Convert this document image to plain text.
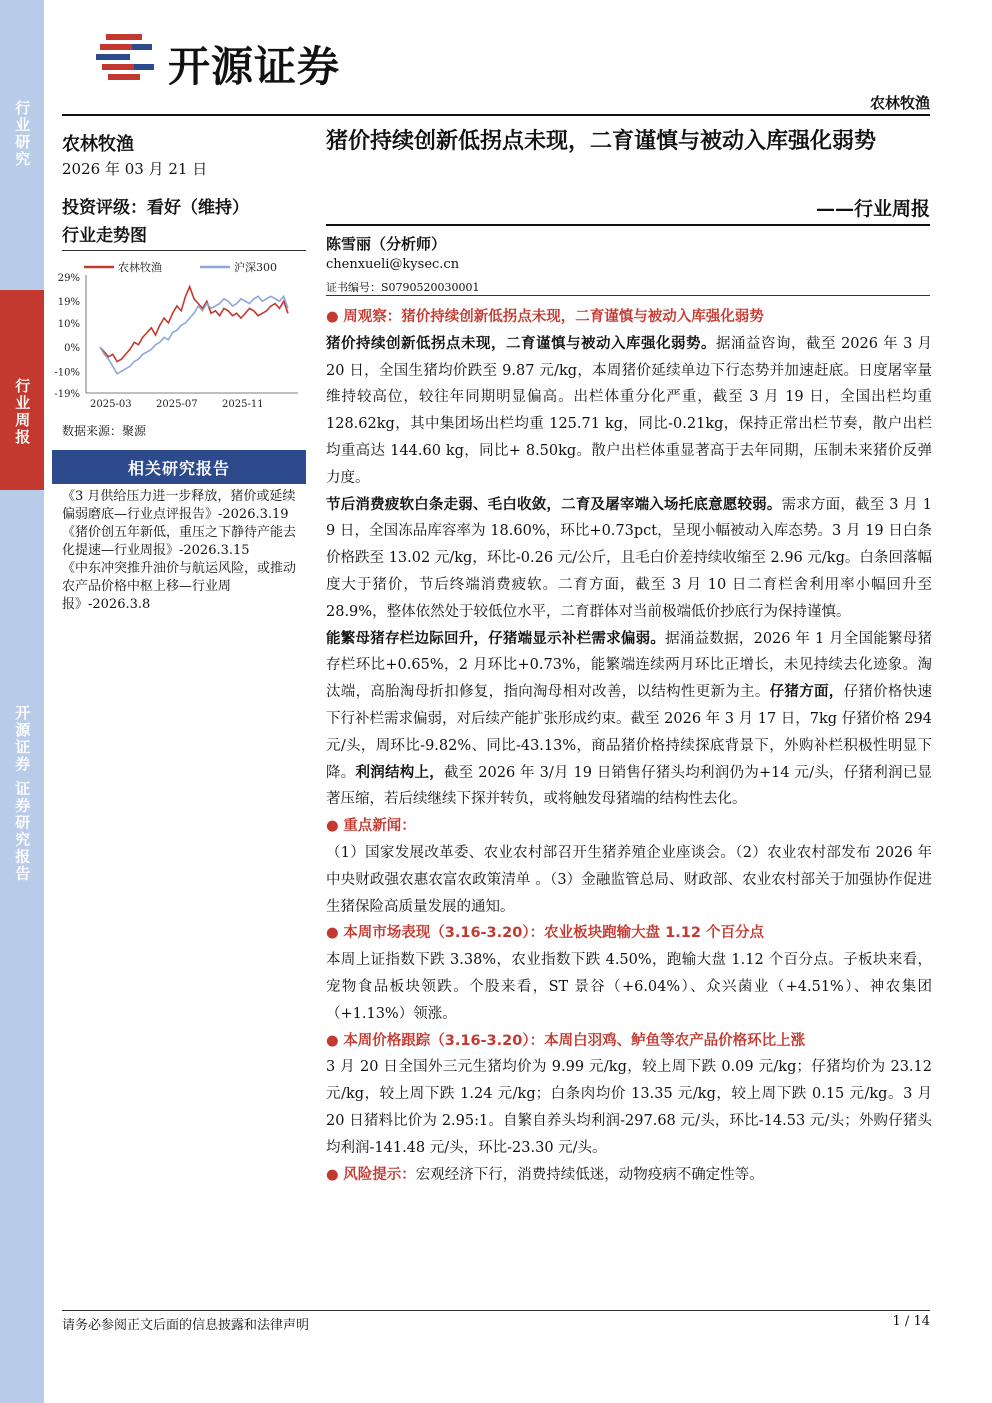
行业研究
行业周报
开源证券 证券研究报告
开源证券
农林牧渔
农林牧渔
2026 年 03 月 21 日
投资评级：看好（维持）
行业走势图
农林牧渔	沪深300
29%
19%
10%
0%
-10%
-19%
2025-03 2025-07 2025-11
数据来源：聚源
相关研究报告
《3 月供给压力进一步释放，猪价或延续偏弱磨底—行业点评报告》-2026.3.19
《猪价创五年新低，重压之下静待产能去化提速—行业周报》-2026.3.15
《中东冲突推升油价与航运风险，或推动农产品价格中枢上移—行业周报》-2026.3.8
猪价持续创新低拐点未现，二育谨慎与被动入库强化弱势
——行业周报
陈雪丽（分析师）
chenxueli@kysec.cn
证书编号：S0790520030001

● 周观察：猪价持续创新低拐点未现，二育谨慎与被动入库强化弱势

猪价持续创新低拐点未现，二育谨慎与被动入库强化弱势。据涌益咨询，截至 2026 年 3 月 20 日，全国生猪均价跌至 9.87 元/kg，本周猪价延续单边下行态势并加速赶底。日度屠宰量维持较高位，较往年同期明显偏高。出栏体重分化严重，截至 3 月 19 日，全国出栏均重 128.62kg，其中集团场出栏均重 125.71 kg，同比-0.21kg，保持正常出栏节奏，散户出栏均重高达 144.60 kg，同比+ 8.50kg。散户出栏体重显著高于去年同期，压制未来猪价反弹力度。

节后消费疲软白条走弱、毛白收敛，二育及屠宰端入场托底意愿较弱。需求方面，截至 3 月 1 9 日，全国冻品库容率为 18.60%，环比+0.73pct，呈现小幅被动入库态势。3 月 19 日白条价格跌至 13.02 元/kg，环比-0.26 元/公斤，且毛白价差持续收缩至 2.96 元/kg。白条回落幅度大于猪价，节后终端消费疲软。二育方面，截至 3 月 10 日二育栏舍利用率小幅回升至 28.9%，整体依然处于较低位水平，二育群体对当前极端低价抄底行为保持谨慎。

能繁母猪存栏边际回升，仔猪端显示补栏需求偏弱。据涌益数据，2026 年 1 月全国能繁母猪存栏环比+0.65%，2 月环比+0.73%，能繁端连续两月环比正增长，未见持续去化迹象。淘汰端，高胎淘母折扣修复，指向淘母相对改善，以结构性更新为主。仔猪方面，仔猪价格快速下行补栏需求偏弱，对后续产能扩张形成约束。截至 2026 年 3 月 17 日，7kg 仔猪价格 294 元/头，周环比-9.82%、同比-43.13%，商品猪价格持续探底背景下，外购补栏积极性明显下降。利润结构上，截至 2026 年 3/月 19 日销售仔猪头均利润仍为+14 元/头，仔猪利润已显著压缩，若后续继续下探并转负，或将触发母猪端的结构性去化。

● 重点新闻：

（1）国家发展改革委、农业农村部召开生猪养殖企业座谈会。（2）农业农村部发布 2026 年中央财政强农惠农富农政策清单 。（3）金融监管总局、财政部、农业农村部关于加强协作促进生猪保险高质量发展的通知。

● 本周市场表现（3.16-3.20）：农业板块跑输大盘 1.12 个百分点

本周上证指数下跌 3.38%，农业指数下跌 4.50%，跑输大盘 1.12 个百分点。子板块来看，宠物食品板块领跌。个股来看，ST 景谷（+6.04%）、众兴菌业（+4.51%）、神农集团（+1.13%）领涨。

● 本周价格跟踪（3.16-3.20）：本周白羽鸡、鲈鱼等农产品价格环比上涨

3 月 20 日全国外三元生猪均价为 9.99 元/kg，较上周下跌 0.09 元/kg；仔猪均价为 23.12 元/kg，较上周下跌 1.24 元/kg；白条肉均价 13.35 元/kg，较上周下跌 0.15 元/kg。3 月 20 日猪料比价为 2.95:1。自繁自养头均利润-297.68 元/头，环比-14.53 元/头；外购仔猪头均利润-141.48 元/头，环比-23.30 元/头。

● 风险提示：宏观经济下行，消费持续低迷，动物疫病不确定性等。

请务必参阅正文后面的信息披露和法律声明	1 / 14
